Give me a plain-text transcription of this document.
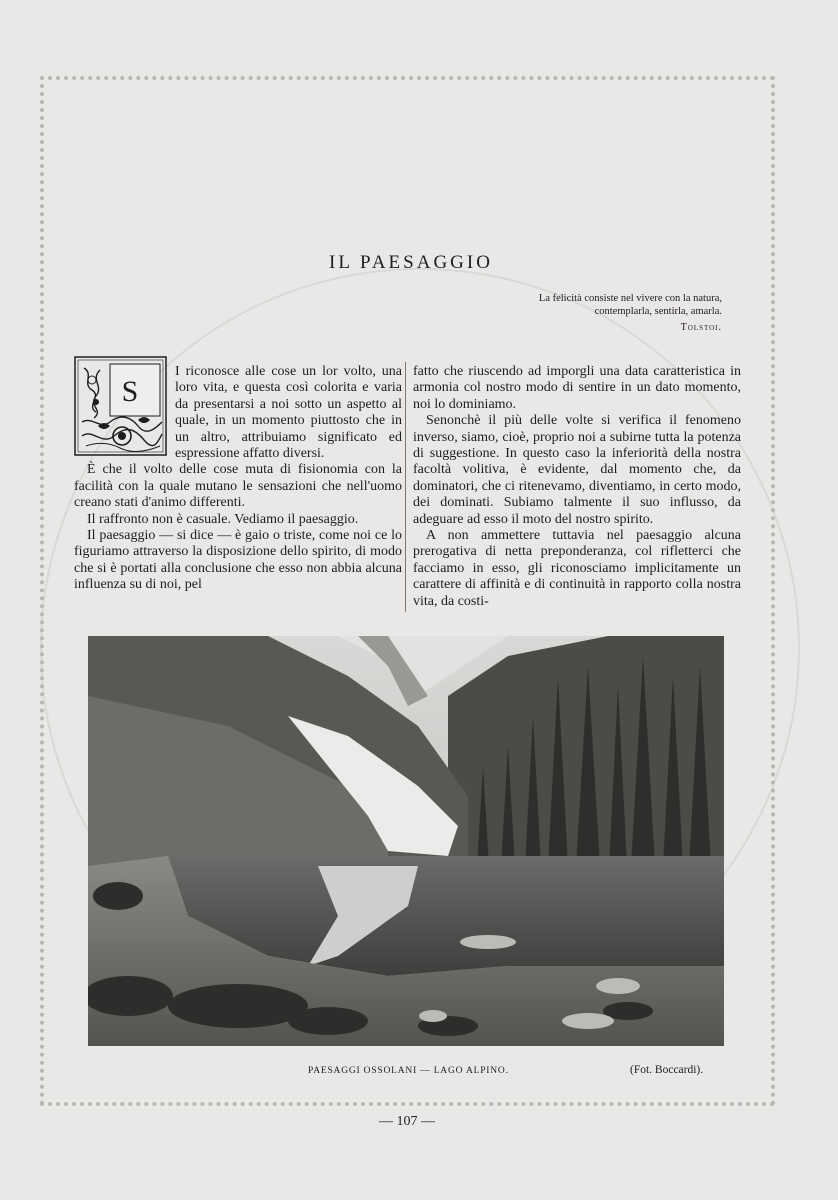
IL PAESAGGIO
La felicità consiste nel vivere con la natura,
contemplarla, sentirla, amarla.
Tolstoi.
S

I riconosce alle cose un lor volto, una loro vita, e questa così colorita e varia da presentarsi a noi sotto un aspetto al quale, in un momento piuttosto che in un altro, attribuiamo significato ed espressione affatto diversi.

È che il volto delle cose muta di fisionomia con la facilità con la quale mutano le sensazioni che nell'uomo creano stati d'animo differenti.

Il raffronto non è casuale. Vediamo il paesaggio.

Il paesaggio — si dice — è gaio o triste, come noi ce lo figuriamo attraverso la disposizione dello spirito, di modo che si è portati alla conclusione che esso non abbia alcuna influenza su di noi, pel

fatto che riuscendo ad imporgli una data caratteristica in armonia col nostro modo di sentire in un dato momento, noi lo dominiamo.

Senonchè il più delle volte si verifica il fenomeno inverso, siamo, cioè, proprio noi a subirne tutta la potenza di suggestione. In questo caso la inferiorità della nostra facoltà volitiva, è evidente, dal momento che, da dominatori, che ci ritenevamo, diventiamo, in certo modo, dei dominati. Subiamo talmente il suo influsso, da adeguare ad esso il moto del nostro spirito.

A non ammettere tuttavia nel paesaggio alcuna prerogativa di netta preponderanza, col rifletterci che facciamo in esso, gli riconosciamo implicitamente un carattere di affinità e di continuità in rapporto colla nostra vita, da costi-

PAESAGGI OSSOLANI — LAGO ALPINO.	(Fot. Boccardi).
— 107 —
